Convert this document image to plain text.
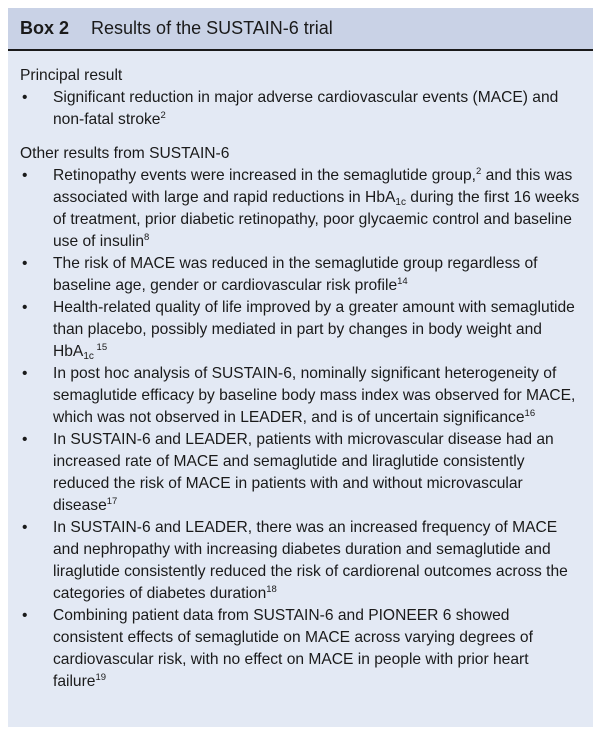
Box 2 Results of the SUSTAIN-6 trial

Principal result

• Significant reduction in major adverse cardiovascular events (MACE) and non-fatal stroke$^2$

Other results from SUSTAIN-6

• Retinopathy events were increased in the semaglutide group,$^2$ and this was associated with large and rapid reductions in HbA$_{1c}$ during the first 16 weeks of treatment, prior diabetic retinopathy, poor glycaemic control and baseline use of insulin$^8$
• The risk of MACE was reduced in the semaglutide group regardless of baseline age, gender or cardiovascular risk profile$^{14}$
• Health-related quality of life improved by a greater amount with semaglutide than placebo, possibly mediated in part by changes in body weight and HbA$_{1c}$ $^{15}$
• In post hoc analysis of SUSTAIN-6, nominally significant heterogeneity of semaglutide efficacy by baseline body mass index was observed for MACE, which was not observed in LEADER, and is of uncertain significance$^{16}$
• In SUSTAIN-6 and LEADER, patients with microvascular disease had an increased rate of MACE and semaglutide and liraglutide consistently reduced the risk of MACE in patients with and without microvascular disease$^{17}$
• In SUSTAIN-6 and LEADER, there was an increased frequency of MACE and nephropathy with increasing diabetes duration and semaglutide and liraglutide consistently reduced the risk of cardiorenal outcomes across the categories of diabetes duration$^{18}$
• Combining patient data from SUSTAIN-6 and PIONEER 6 showed consistent effects of semaglutide on MACE across varying degrees of cardiovascular risk, with no effect on MACE in people with prior heart failure$^{19}$
